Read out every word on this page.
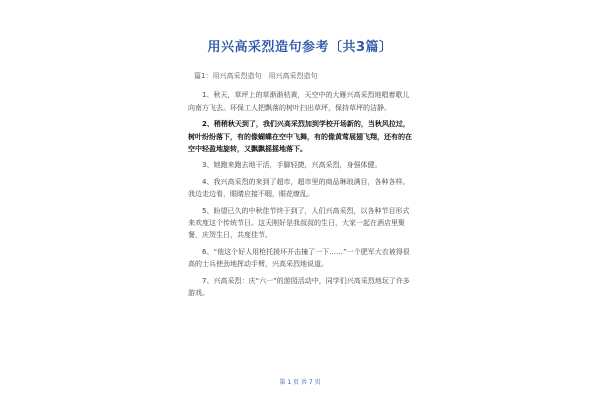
用兴高采烈造句参考〔共3篇〕

篇1：用兴高采烈造句　用兴高采烈造句

1、秋天，草坪上的草渐渐枯黄，天空中的大雁兴高采烈地唱着歌儿向南方飞去。环保工人把飘落的树叶扫出草坪，保持草坪的洁静。

2、稍稍秋天到了，我们兴高采烈加到学校开场新的，当秋风拉过，树叶纷纷落下，有的像蝴蝶在空中飞舞，有的像黄莺展翅飞翔，还有的在空中轻盈地旋转，又飘飘摇摇地落下。

3、她跑来跑去地干活，手脚轻捷，兴高采烈，身强体健。

4、我兴高采烈的来到了超市，超市里的商品琳琅满目，各种各样。我边走边看，眼睛应接不暇，眼花缭乱。

5、盼望已久的中秋佳节终于到了，人们兴高采烈，以各种节目形式来欢度这个传统节日。这天刚好是我叔叔的生日，大家一起在酒店里聚餐，庆贺生日，共度佳节。

6、“他这个好人用枪托援坏开击撞了一下……”一个肥军大衣被得很高的士兵使劲地挥动手臂，兴高采烈地说道。

7、兴高采烈：庆“六一”的游园活动中，同学们兴高采烈地玩了许多游戏。

第 1 页 共 7 页
